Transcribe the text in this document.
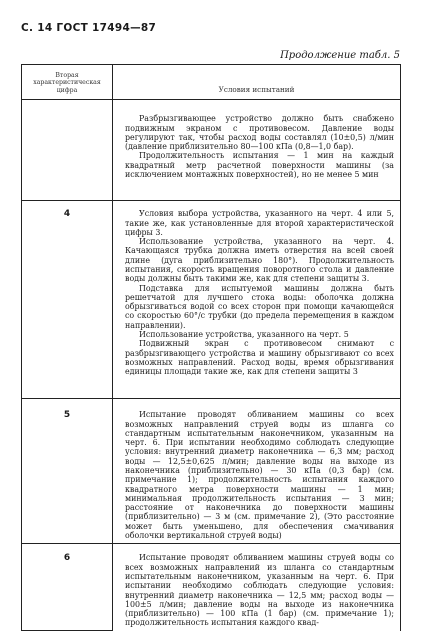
С. 14 ГОСТ 17494—87
Продолжение табл. 5
Вторая характеристическая цифра	Условия испытаний

	Разбрызгивающее устройство должно быть снабжено подвижным экраном с противовесом. Давление воды регулируют так, чтобы расход воды составлял (10±0,5) л/мин (давление приблизительно 80—100 кПа (0,8—1,0 бар).

Продолжительность испытания — 1 мин на каждый квадратный метр расчетной поверхности машины (за исключением монтажных поверхностей), но не менее 5 мин

4	Условия выбора устройства, указанного на черт. 4 или 5, такие же, как установленные для второй характеристической цифры 3.

Использование устройства, указанного на черт. 4. Качающаяся трубка должна иметь отверстия на всей своей длине (дуга приблизительно 180°). Продолжительность испытания, скорость вращения поворотного стола и давление воды должны быть такими же, как для степени защиты 3.

Подставка для испытуемой машины должна быть решетчатой для лучшего стока воды: оболочка должна обрызгиваться водой со всех сторон при помощи качающейся со скоростью 60°/с трубки (до предела перемещения в каждом направлении).

Использование устройства, указанного на черт. 5

Подвижный экран с противовесом снимают с разбрызгивающего устройства и машину обрызгивают со всех возможных направлений. Расход воды, время обрызгивания единицы площади такие же, как для степени защиты 3

5	Испытание проводят обливанием машины со всех возможных направлений струей воды из шланга со стандартным испытательным наконечником, указанным на черт. 6. При испытании необходимо соблюдать следующие условия: внутренний диаметр наконечника — 6,3 мм; расход воды — 12,5±0,625 л/мин; давление воды на выходе из наконечника (приблизительно) — 30 кПа (0,3 бар) (см. примечание 1); продолжительность испытания каждого квадратного метра поверхности машины — 1 мин; минимальная продолжительность испытания — 3 мин; расстояние от наконечника до поверхности машины (приблизительно) — 3 м (см. примечание 2), (Это расстояние может быть уменьшено, для обеспечения смачивания оболочки вертикальной струей воды)

6	Испытание проводят обливанием машины струей воды со всех возможных направлений из шланга со стандартным испытательным наконечником, указанным на черт. 6. При испытании необходимо соблюдать следующие условия: внутренний диаметр наконечника — 12,5 мм; расход воды — 100±5 л/мин; давление воды на выходе из наконечника (приблизительно) — 100 кПа (1 бар) (см. примечание 1); продолжительность испытания каждого квад-
